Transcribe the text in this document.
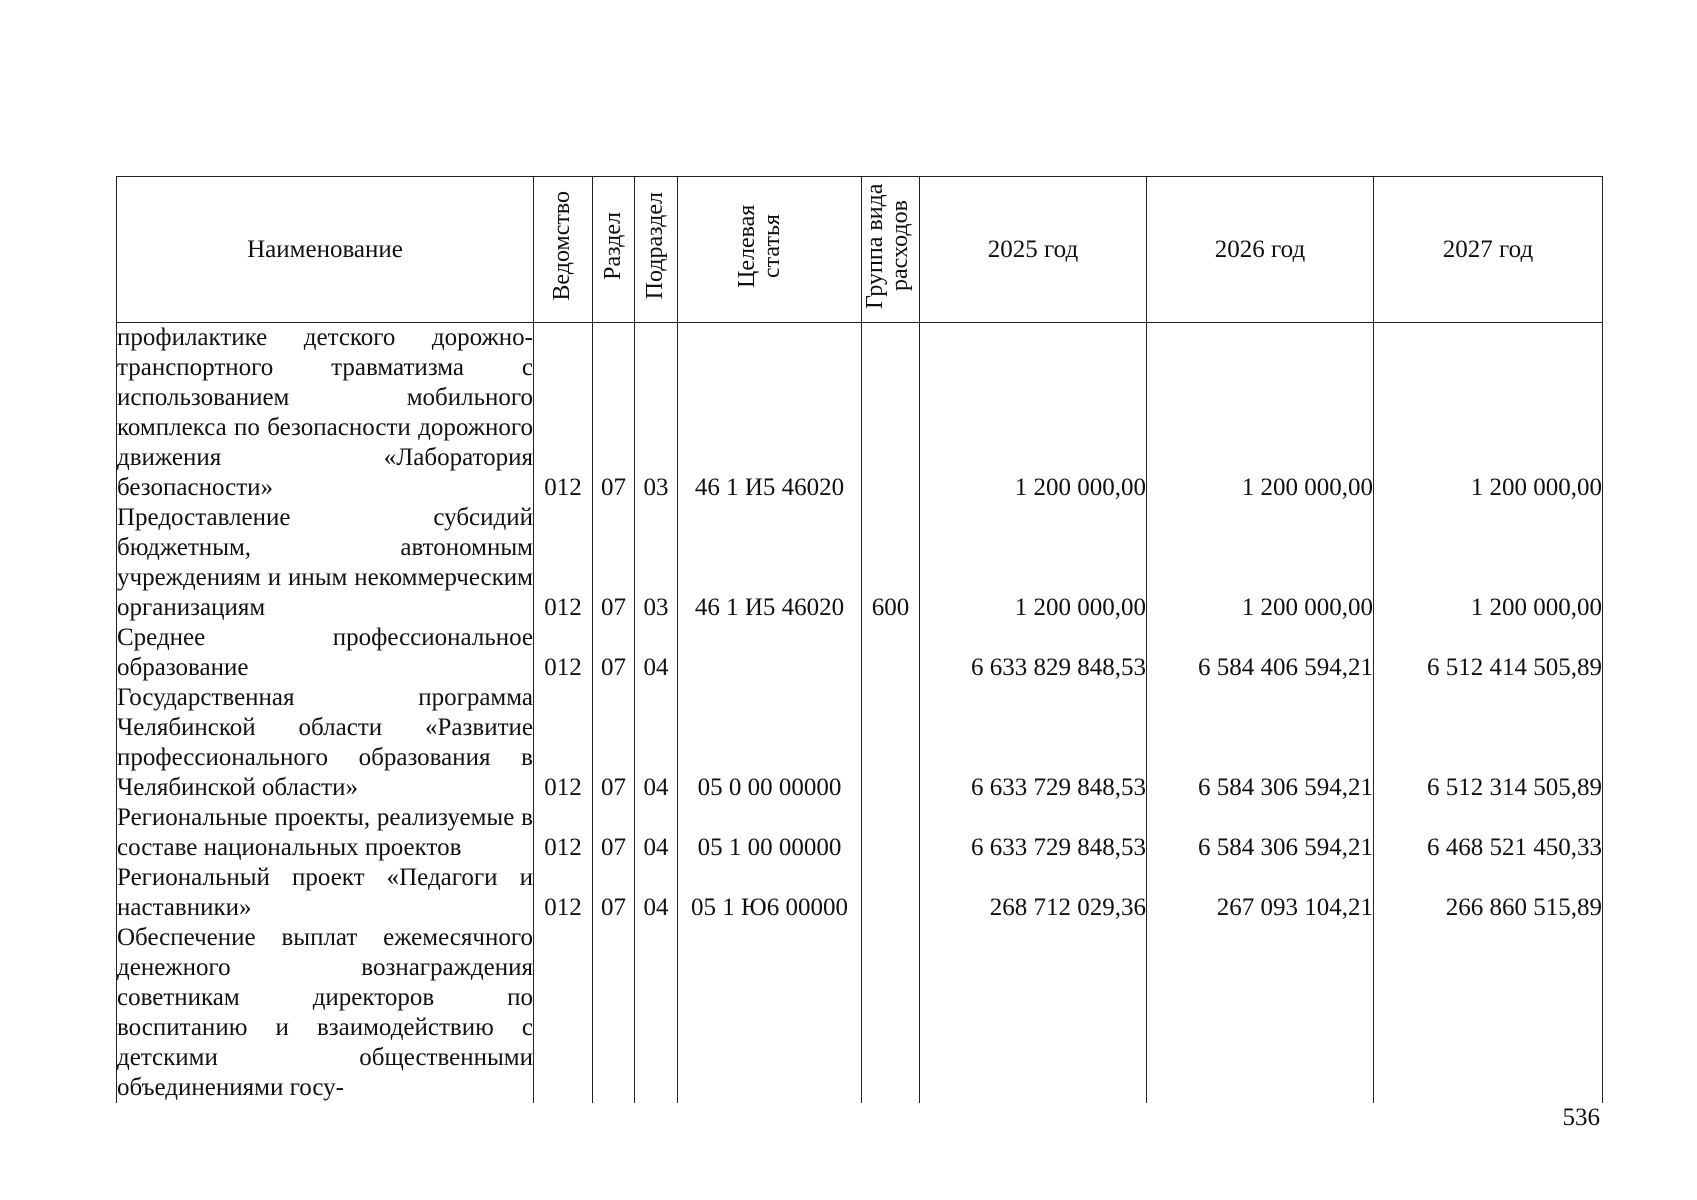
Наименование	Ведомство	Раздел	Подраздел	Целевая статья	Группа вида расходов	2025 год	2026 год	2027 год
профилактике детского дорожно-транспортного травматизма с использованием мобильного комплекса по безопасности дорожного движения «Лаборатория безопасности»	012	07	03	46 1 И5 46020		1 200 000,00	1 200 000,00	1 200 000,00
Предоставление субсидий бюджетным, автономным учреждениям и иным некоммерческим организациям	012	07	03	46 1 И5 46020	600	1 200 000,00	1 200 000,00	1 200 000,00
Среднее профессиональное образование	012	07	04			6 633 829 848,53	6 584 406 594,21	6 512 414 505,89
Государственная программа Челябинской области «Развитие профессионального образования в Челябинской области»	012	07	04	05 0 00 00000		6 633 729 848,53	6 584 306 594,21	6 512 314 505,89
Региональные проекты, реализуемые в составе национальных проектов	012	07	04	05 1 00 00000		6 633 729 848,53	6 584 306 594,21	6 468 521 450,33
Региональный проект «Педагоги и наставники»	012	07	04	05 1 Ю6 00000		268 712 029,36	267 093 104,21	266 860 515,89
Обеспечение выплат ежемесячного денежного вознаграждения советникам директоров по воспитанию и взаимодействию с детскими общественными объединениями госу-								
536
